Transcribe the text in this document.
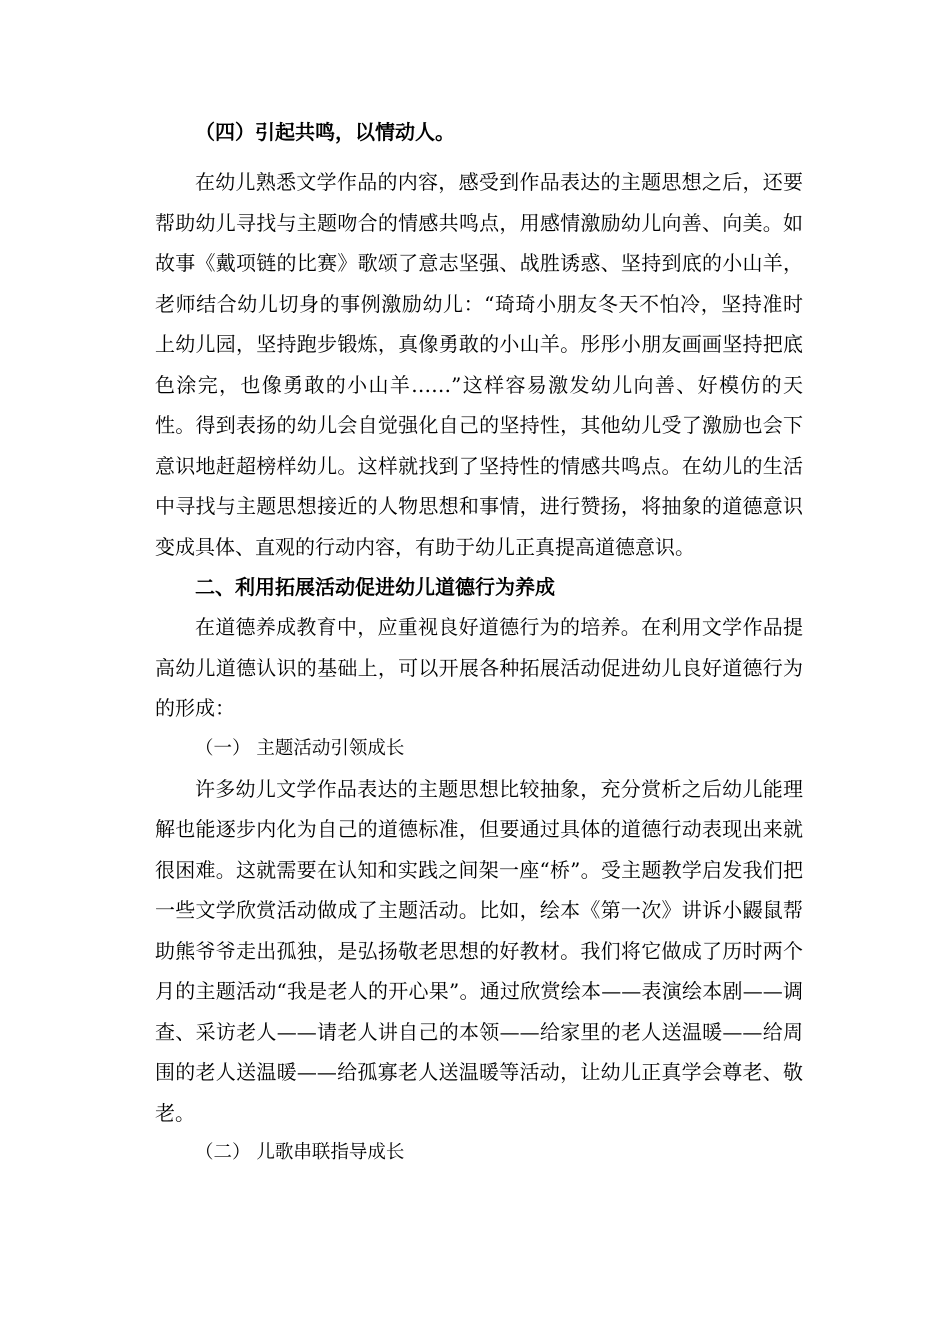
（四）引起共鸣，以情动人。

在幼儿熟悉文学作品的内容，感受到作品表达的主题思想之后，还要帮助幼儿寻找与主题吻合的情感共鸣点，用感情激励幼儿向善、向美。如故事《戴项链的比赛》歌颂了意志坚强、战胜诱惑、坚持到底的小山羊，老师结合幼儿切身的事例激励幼儿：“琦琦小朋友冬天不怕冷，坚持准时上幼儿园，坚持跑步锻炼，真像勇敢的小山羊。彤彤小朋友画画坚持把底色涂完，也像勇敢的小山羊……”这样容易激发幼儿向善、好模仿的天性。得到表扬的幼儿会自觉强化自己的坚持性，其他幼儿受了激励也会下意识地赶超榜样幼儿。这样就找到了坚持性的情感共鸣点。在幼儿的生活中寻找与主题思想接近的人物思想和事情，进行赞扬，将抽象的道德意识变成具体、直观的行动内容，有助于幼儿正真提高道德意识。

二、利用拓展活动促进幼儿道德行为养成

在道德养成教育中，应重视良好道德行为的培养。在利用文学作品提高幼儿道德认识的基础上，可以开展各种拓展活动促进幼儿良好道德行为的形成：

（一） 主题活动引领成长

许多幼儿文学作品表达的主题思想比较抽象，充分赏析之后幼儿能理解也能逐步内化为自己的道德标准，但要通过具体的道德行动表现出来就很困难。这就需要在认知和实践之间架一座“桥”。受主题教学启发我们把一些文学欣赏活动做成了主题活动。比如，绘本《第一次》讲诉小鼹鼠帮助熊爷爷走出孤独，是弘扬敬老思想的好教材。我们将它做成了历时两个月的主题活动“我是老人的开心果”。通过欣赏绘本——表演绘本剧——调查、采访老人——请老人讲自己的本领——给家里的老人送温暖——给周围的老人送温暖——给孤寡老人送温暖等活动，让幼儿正真学会尊老、敬老。

（二） 儿歌串联指导成长
